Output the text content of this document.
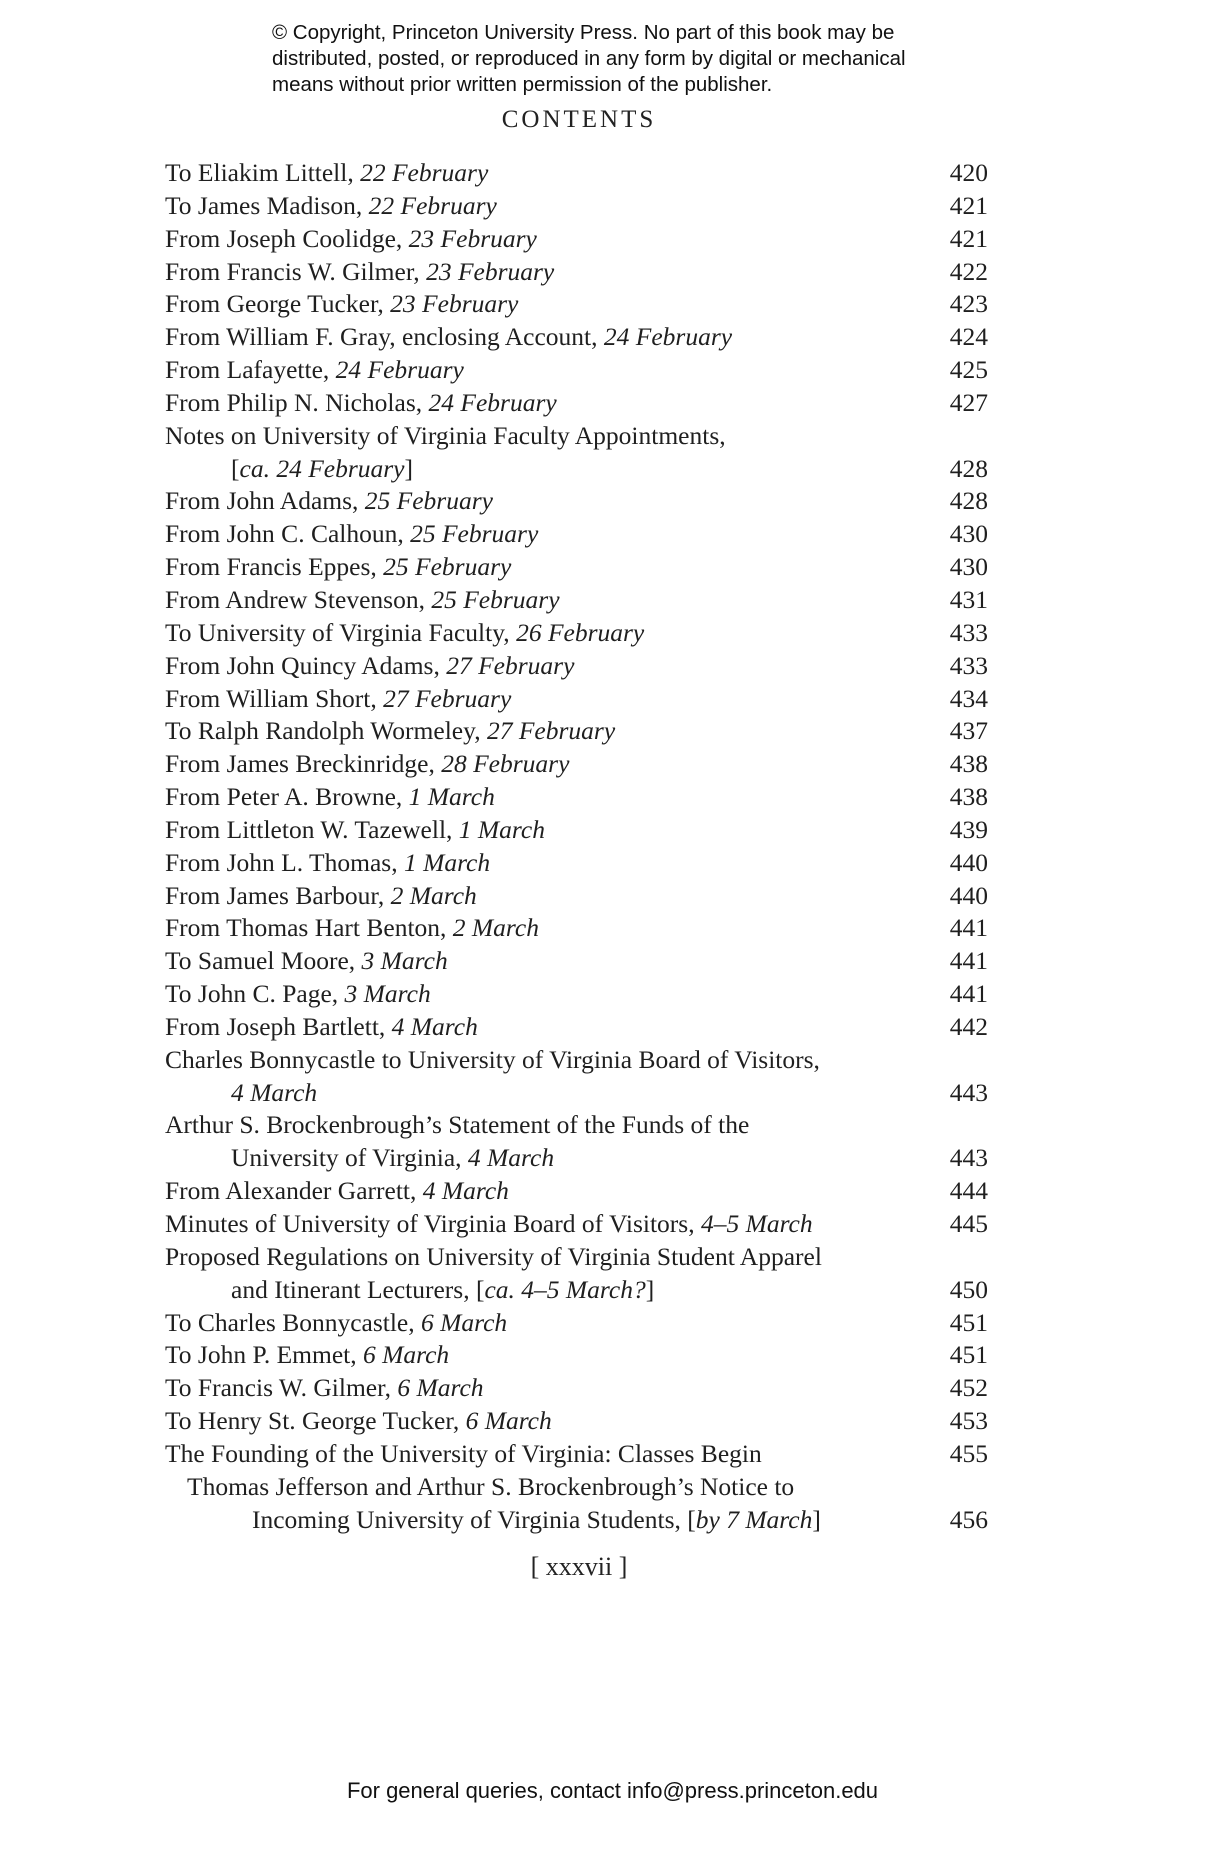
© Copyright, Princeton University Press. No part of this book may be
distributed, posted, or reproduced in any form by digital or mechanical
means without prior written permission of the publisher.
CONTENTS
To Eliakim Littell, 22 February	420
To James Madison, 22 February	421
From Joseph Coolidge, 23 February	421
From Francis W. Gilmer, 23 February	422
From George Tucker, 23 February	423
From William F. Gray, enclosing Account, 24 February	424
From Lafayette, 24 February	425
From Philip N. Nicholas, 24 February	427
Notes on University of Virginia Faculty Appointments,
[ca. 24 February]	428
From John Adams, 25 February	428
From John C. Calhoun, 25 February	430
From Francis Eppes, 25 February	430
From Andrew Stevenson, 25 February	431
To University of Virginia Faculty, 26 February	433
From John Quincy Adams, 27 February	433
From William Short, 27 February	434
To Ralph Randolph Wormeley, 27 February	437
From James Breckinridge, 28 February	438
From Peter A. Browne, 1 March	438
From Littleton W. Tazewell, 1 March	439
From John L. Thomas, 1 March	440
From James Barbour, 2 March	440
From Thomas Hart Benton, 2 March	441
To Samuel Moore, 3 March	441
To John C. Page, 3 March	441
From Joseph Bartlett, 4 March	442
Charles Bonnycastle to University of Virginia Board of Visitors,
4 March	443
Arthur S. Brockenbrough’s Statement of the Funds of the
University of Virginia, 4 March	443
From Alexander Garrett, 4 March	444
Minutes of University of Virginia Board of Visitors, 4–5 March	445
Proposed Regulations on University of Virginia Student Apparel
and Itinerant Lecturers, [ca. 4–5 March?]	450
To Charles Bonnycastle, 6 March	451
To John P. Emmet, 6 March	451
To Francis W. Gilmer, 6 March	452
To Henry St. George Tucker, 6 March	453
The Founding of the University of Virginia: Classes Begin	455
Thomas Jefferson and Arthur S. Brockenbrough’s Notice to
Incoming University of Virginia Students, [by 7 March]	456
[ xxxvii ]
For general queries, contact info@press.princeton.edu
